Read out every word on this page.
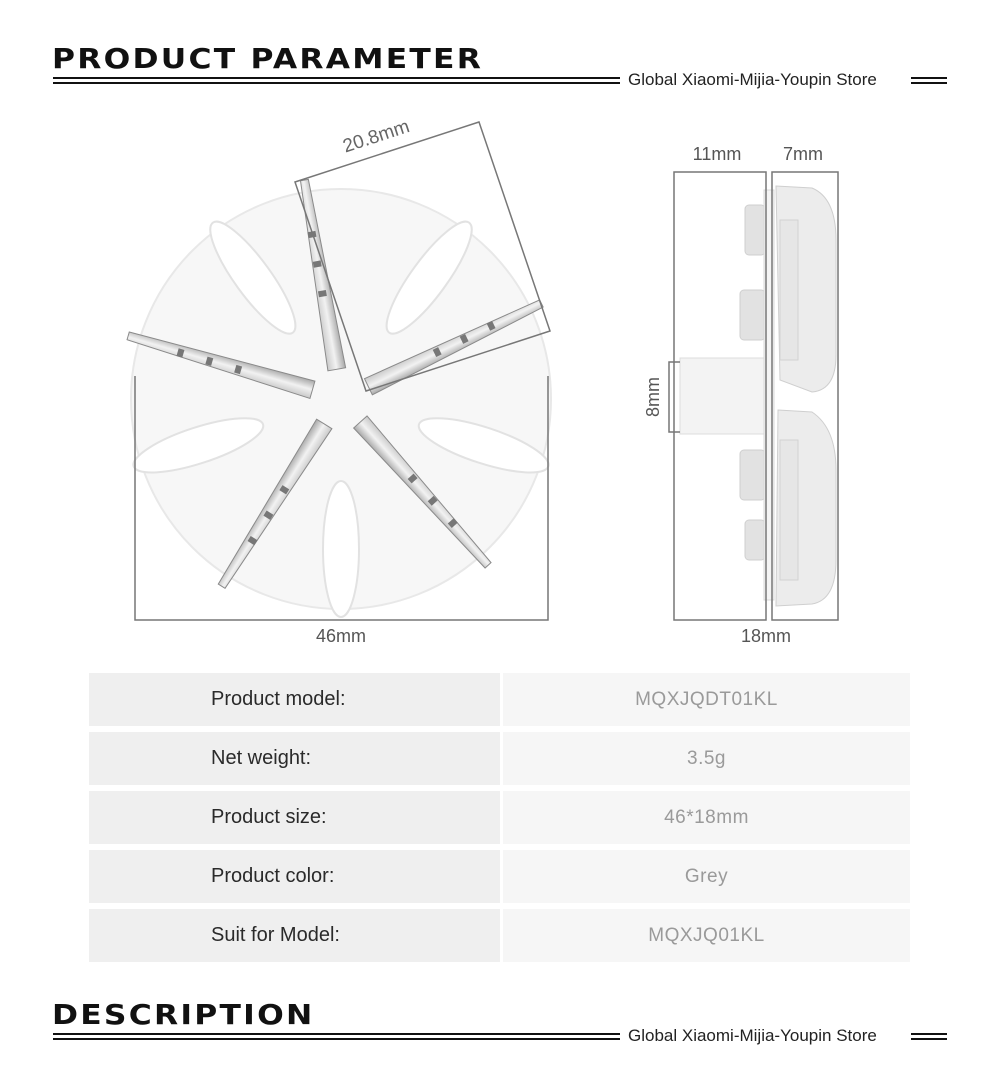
PRODUCT PARAMETER
Global Xiaomi-Mijia-Youpin Store
20.8mm
46mm
11mm 7mm
8mm
18mm
Product model:	MQXJQDT01KL
Net weight:	3.5g
Product size:	46*18mm
Product color:	Grey
Suit for Model:	MQXJQ01KL
DESCRIPTION
Global Xiaomi-Mijia-Youpin Store
